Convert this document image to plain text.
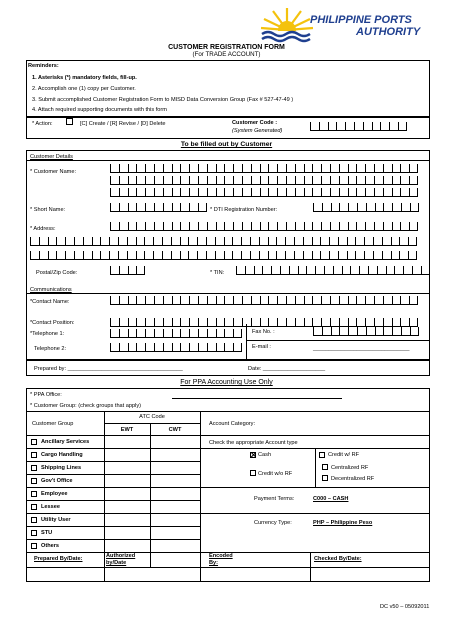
PHILIPPINE PORTS
AUTHORITY
CUSTOMER REGISTRATION FORM
(For TRADE ACCOUNT)
Reminders:
1. Asterisks (*) mandatory fields, fill-up.
2. Accomplish one (1) copy per Customer.
3. Submit accomplished Customer Registration Form to MISD Data Conversion Group (Fax # 527-47-49 )
4. Attach required supporting documents with this form
* Action:	[C] Create / [R] Revise / [D] Delete	Customer Code :
(System Generated)
To be filled out by Customer
Customer Details
* Customer Name:
* Short Name:	* DTI Registration Number:
* Address:
Postal/Zip Code:	* TIN:
Communications
*Contact Name:
*Contact Position:
*Telephone 1:	Fax No. :
Telephone 2:	E-mail :	_______________________________
Prepared by: _____________________________________	Date: ____________________
For PPA Accounting Use Only
* PPA Office:
* Customer Group: (check groups that apply)
Customer Group
ATC Code
EWT	CWT
Account Category:
Ancillary Services
Cargo Handling
Shipping Lines
Gov't Office
Employee
Lessee
Utility User
STU
Others
Check the appropriate Account type
Cash	Credit w/ RF
Credit w/o RF
Centralized RF
Decentralized RF
Payment Terms:	C000 – CASH
Currency Type:	PHP – Philippine Peso
Prepared By/Date:	Authorized
by/Date
Encoded
By:
Checked By/Date:
DC v50 – 05092011
